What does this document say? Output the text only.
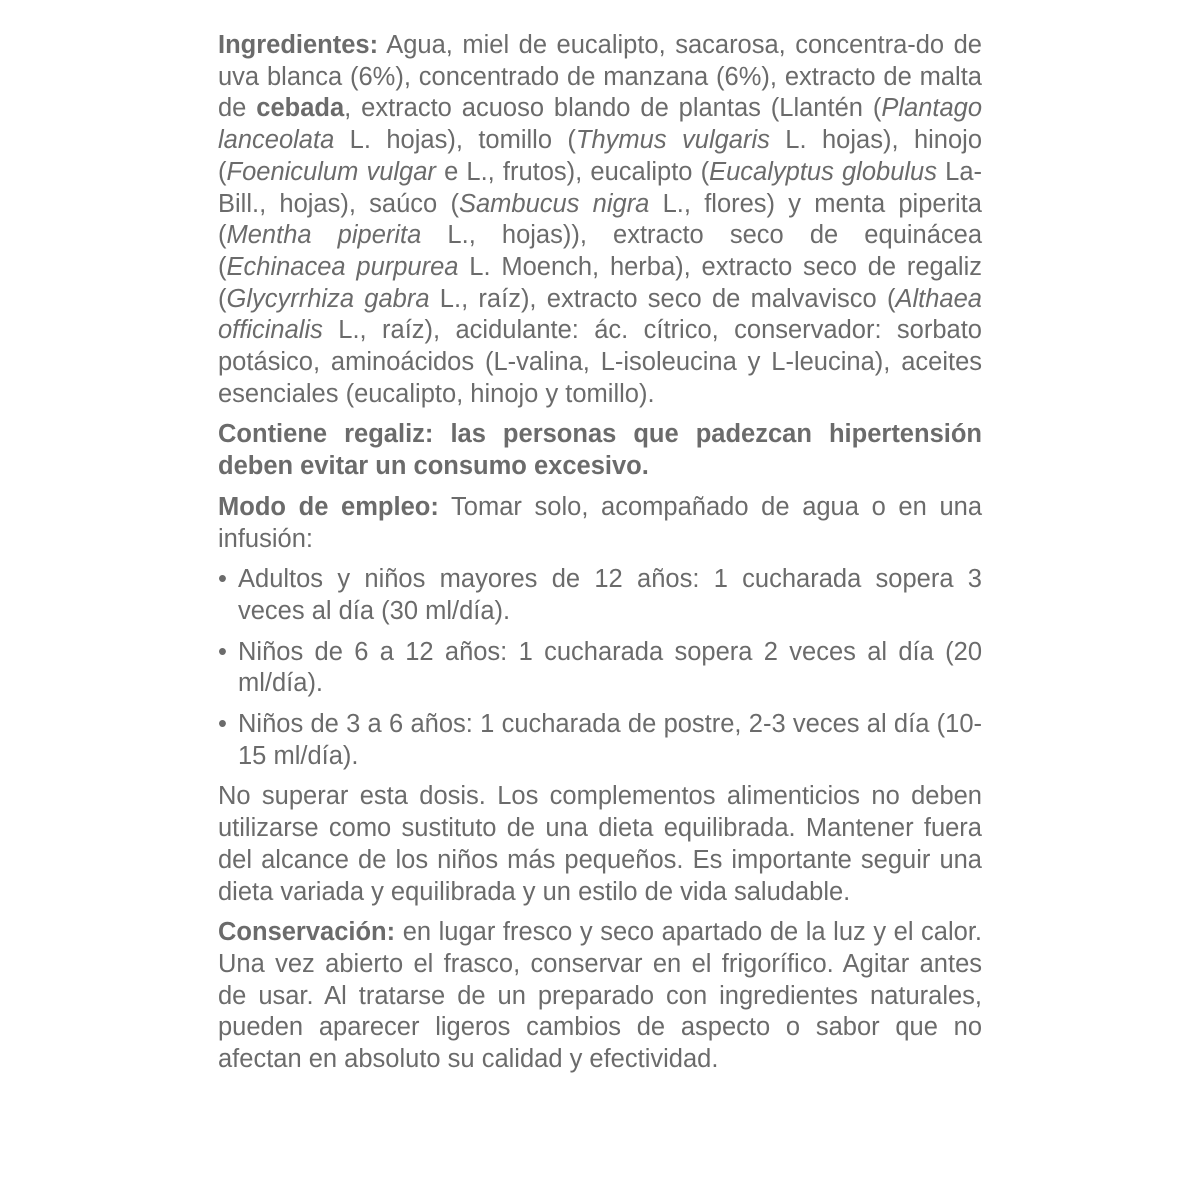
Ingredientes: Agua, miel de eucalipto, sacarosa, concentra-do de uva blanca (6%), concentrado de manzana (6%), extracto de malta de cebada, extracto acuoso blando de plantas (Llantén (Plantago lanceolata L. hojas), tomillo (Thymus vulgaris L. hojas), hinojo (Foeniculum vulgar e L., frutos), eucalipto (Eucalyptus globulus La-Bill., hojas), saúco (Sambucus nigra L., flores) y menta piperita (Mentha piperita L., hojas)), extracto seco de equinácea (Echinacea purpurea L. Moench, herba), extracto seco de regaliz (Glycyrrhiza gabra L., raíz), extracto seco de malvavisco (Althaea officinalis L., raíz), acidulante: ác. cítrico, conservador: sorbato potásico, aminoácidos (L-valina, L-isoleucina y L-leucina), aceites esenciales (eucalipto, hinojo y tomillo).

Contiene regaliz: las personas que padezcan hipertensión deben evitar un consumo excesivo.

Modo de empleo: Tomar solo, acompañado de agua o en una infusión:

• Adultos y niños mayores de 12 años: 1 cucharada sopera 3 veces al día (30 ml/día).
• Niños de 6 a 12 años: 1 cucharada sopera 2 veces al día (20 ml/día).
• Niños de 3 a 6 años: 1 cucharada de postre, 2-3 veces al día (10-15 ml/día).

No superar esta dosis. Los complementos alimenticios no deben utilizarse como sustituto de una dieta equilibrada. Mantener fuera del alcance de los niños más pequeños. Es importante seguir una dieta variada y equilibrada y un estilo de vida saludable.

Conservación: en lugar fresco y seco apartado de la luz y el calor. Una vez abierto el frasco, conservar en el frigorífico. Agitar antes de usar. Al tratarse de un preparado con ingredientes naturales, pueden aparecer ligeros cambios de aspecto o sabor que no afectan en absoluto su calidad y efectividad.
